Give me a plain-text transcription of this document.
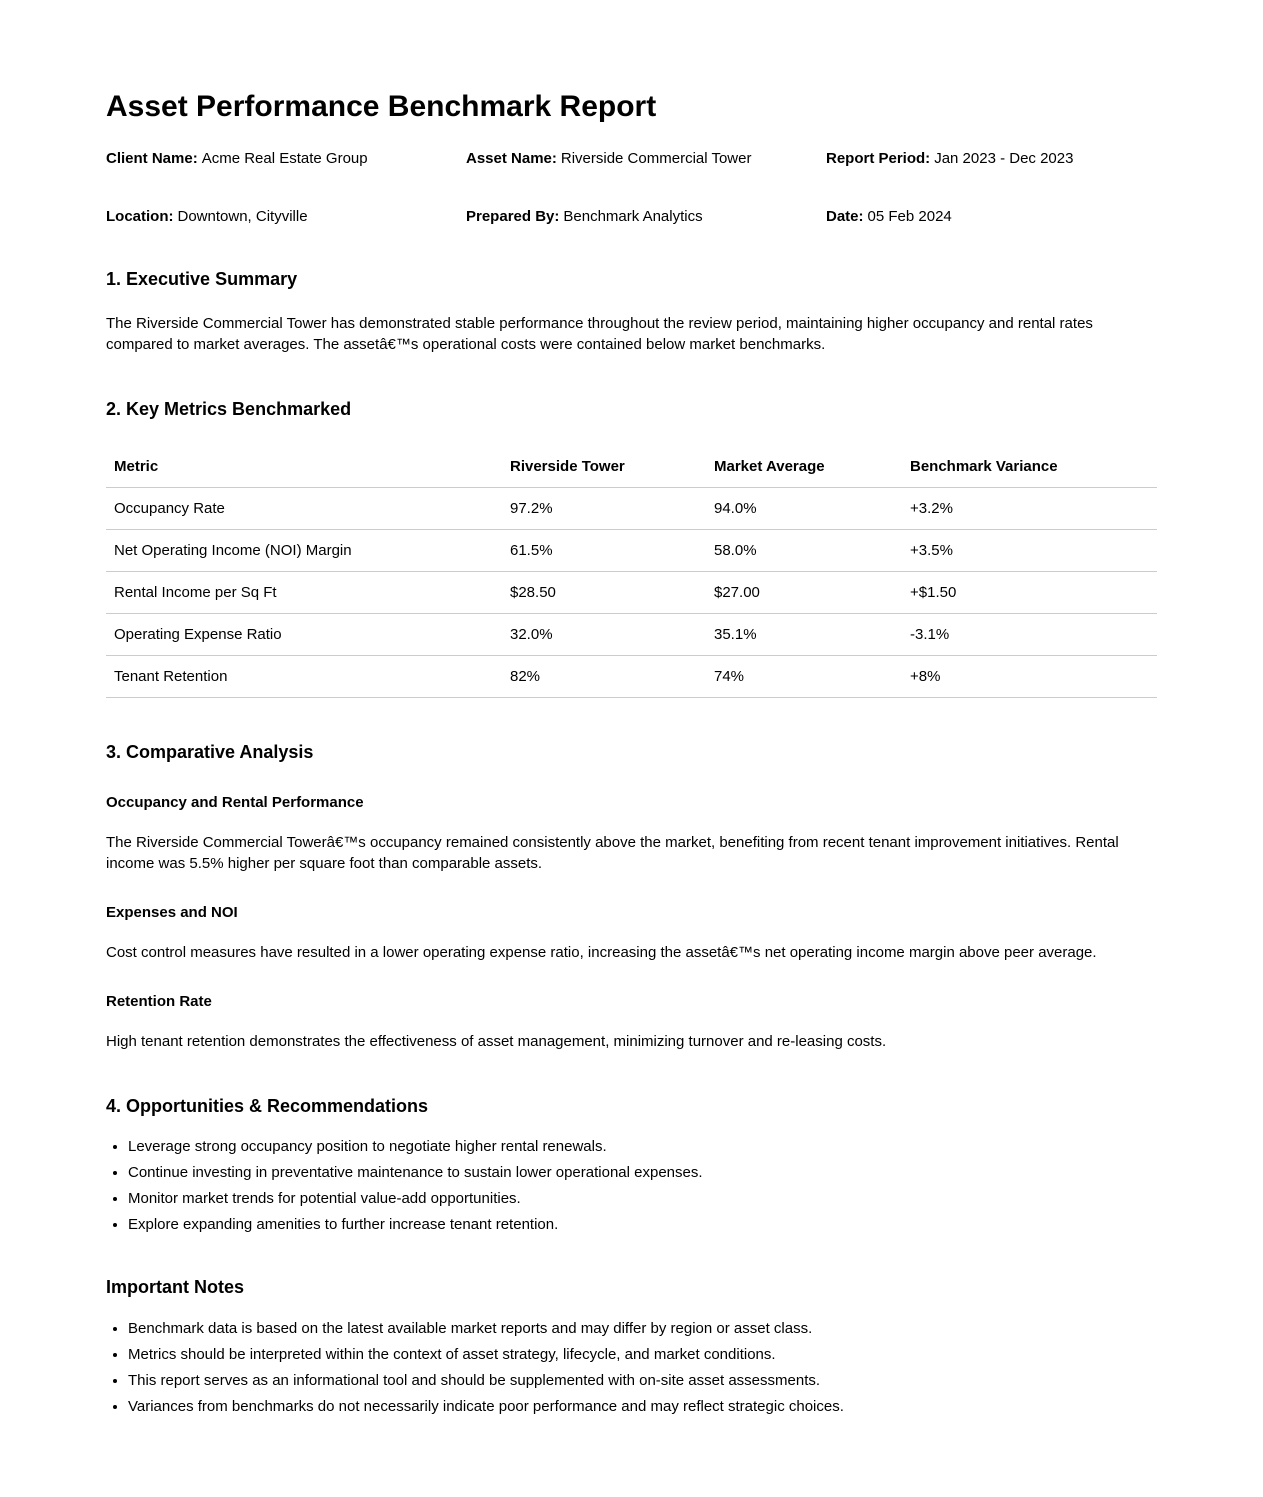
Asset Performance Benchmark Report
Client Name: Acme Real Estate Group	Asset Name: Riverside Commercial Tower	Report Period: Jan 2023 - Dec 2023
Location: Downtown, Cityville	Prepared By: Benchmark Analytics	Date: 05 Feb 2024
1. Executive Summary

The Riverside Commercial Tower has demonstrated stable performance throughout the review period, maintaining higher occupancy and rental rates compared to market averages. The assetâ€™s operational costs were contained below market benchmarks.

2. Key Metrics Benchmarked
Metric	Riverside Tower	Market Average	Benchmark Variance
Occupancy Rate	97.2%	94.0%	+3.2%
Net Operating Income (NOI) Margin	61.5%	58.0%	+3.5%
Rental Income per Sq Ft	$28.50	$27.00	+$1.50
Operating Expense Ratio	32.0%	35.1%	-3.1%
Tenant Retention	82%	74%	+8%
3. Comparative Analysis
Occupancy and Rental Performance

The Riverside Commercial Towerâ€™s occupancy remained consistently above the market, benefiting from recent tenant improvement initiatives. Rental income was 5.5% higher per square foot than comparable assets.

Expenses and NOI

Cost control measures have resulted in a lower operating expense ratio, increasing the assetâ€™s net operating income margin above peer average.

Retention Rate

High tenant retention demonstrates the effectiveness of asset management, minimizing turnover and re-leasing costs.

4. Opportunities & Recommendations
• Leverage strong occupancy position to negotiate higher rental renewals.
• Continue investing in preventative maintenance to sustain lower operational expenses.
• Monitor market trends for potential value-add opportunities.
• Explore expanding amenities to further increase tenant retention.
Important Notes
• Benchmark data is based on the latest available market reports and may differ by region or asset class.
• Metrics should be interpreted within the context of asset strategy, lifecycle, and market conditions.
• This report serves as an informational tool and should be supplemented with on-site asset assessments.
• Variances from benchmarks do not necessarily indicate poor performance and may reflect strategic choices.
